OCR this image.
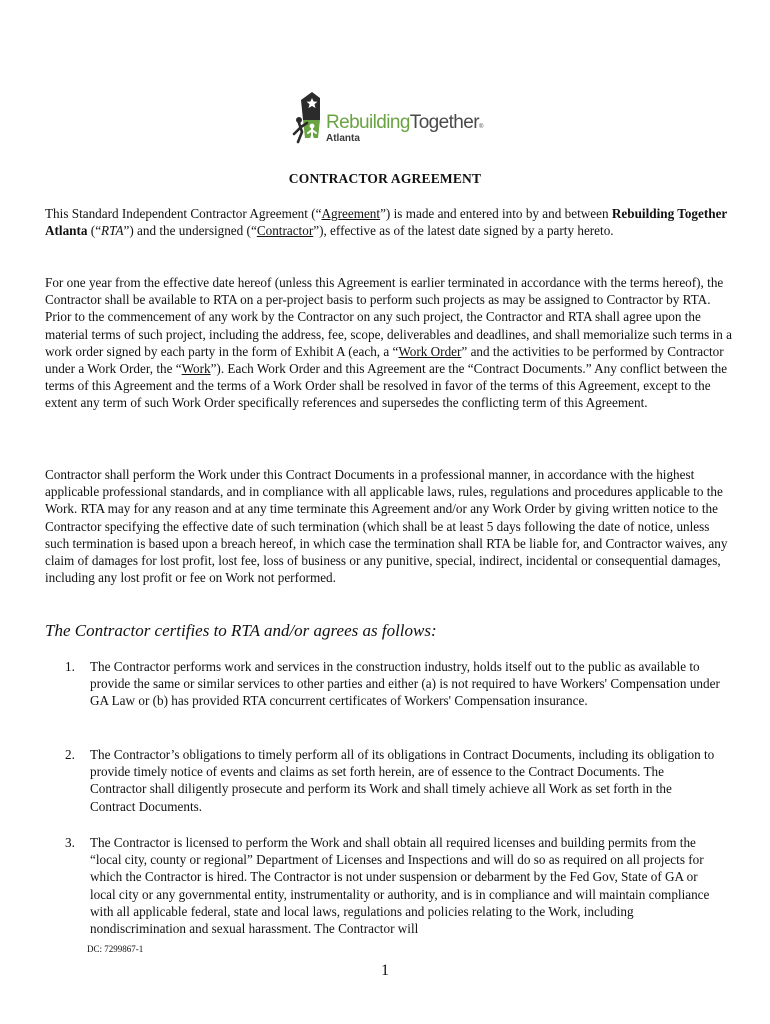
RebuildingTogether®
Atlanta
CONTRACTOR AGREEMENT

This Standard Independent Contractor Agreement (“Agreement”) is made and entered into by and between Rebuilding Together Atlanta (“RTA”) and the undersigned (“Contractor”), effective as of the latest date signed by a party hereto.

For one year from the effective date hereof (unless this Agreement is earlier terminated in accordance with the terms hereof), the Contractor shall be available to RTA on a per-project basis to perform such projects as may be assigned to Contractor by RTA. Prior to the commencement of any work by the Contractor on any such project, the Contractor and RTA shall agree upon the material terms of such project, including the address, fee, scope, deliverables and deadlines, and shall memorialize such terms in a work order signed by each party in the form of Exhibit A (each, a “Work Order” and the activities to be performed by Contractor under a Work Order, the “Work”). Each Work Order and this Agreement are the “Contract Documents.” Any conflict between the terms of this Agreement and the terms of a Work Order shall be resolved in favor of the terms of this Agreement, except to the extent any term of such Work Order specifically references and supersedes the conflicting term of this Agreement.

Contractor shall perform the Work under this Contract Documents in a professional manner, in accordance with the highest applicable professional standards, and in compliance with all applicable laws, rules, regulations and procedures applicable to the Work. RTA may for any reason and at any time terminate this Agreement and/or any Work Order by giving written notice to the Contractor specifying the effective date of such termination (which shall be at least 5 days following the date of notice, unless such termination is based upon a breach hereof, in which case the termination shall RTA be liable for, and Contractor waives, any claim of damages for lost profit, lost fee, loss of business or any punitive, special, indirect, incidental or consequential damages, including any lost profit or fee on Work not performed.

The Contractor certifies to RTA and/or agrees as follows:

1.	The Contractor performs work and services in the construction industry, holds itself out to the public as available to provide the same or similar services to other parties and either (a) is not required to have Workers' Compensation under GA Law or (b) has provided RTA concurrent certificates of Workers' Compensation insurance.
2.	The Contractor’s obligations to timely perform all of its obligations in Contract Documents, including its obligation to provide timely notice of events and claims as set forth herein, are of essence to the Contract Documents. The Contractor shall diligently prosecute and perform its Work and shall timely achieve all Work as set forth in the Contract Documents.
3.	The Contractor is licensed to perform the Work and shall obtain all required licenses and building permits from the “local city, county or regional” Department of Licenses and Inspections and will do so as required on all projects for which the Contractor is hired. The Contractor is not under suspension or debarment by the Fed Gov, State of GA or local city or any governmental entity, instrumentality or authority, and is in compliance and will maintain compliance with all applicable federal, state and local laws, regulations and policies relating to the Work, including nondiscrimination and sexual harassment. The Contractor will
DC: 7299867-1
1
